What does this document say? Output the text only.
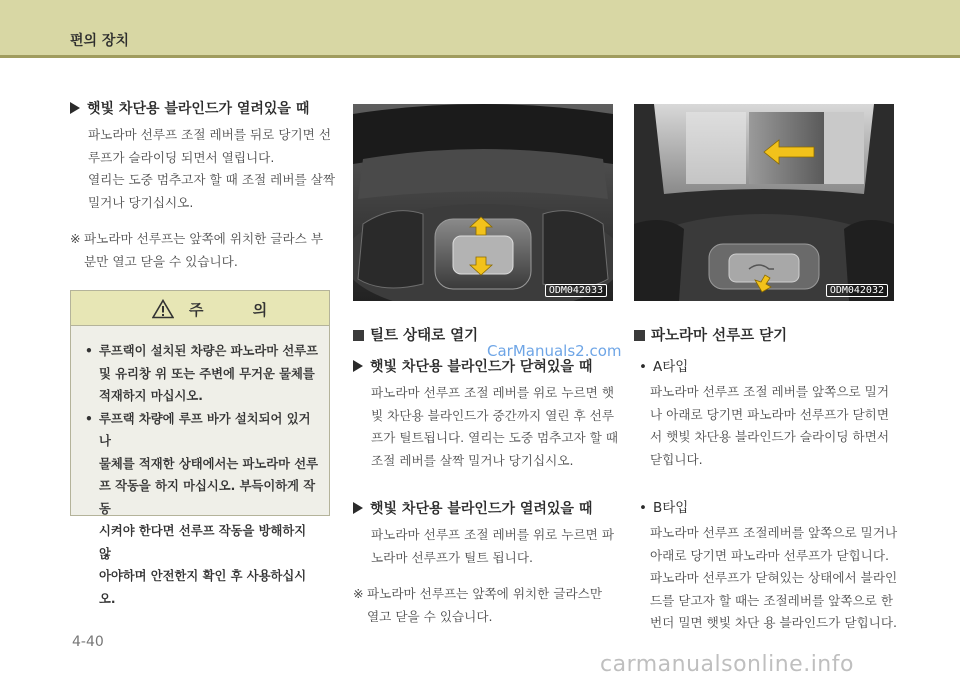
편의 장치
햇빛 차단용 블라인드가 열려있을 때
파노라마 선루프 조절 레버를 뒤로 당기면 선
루프가 슬라이딩 되면서 열립니다.
열리는 도중 멈추고자 할 때 조절 레버를 살짝
밀거나 당기십시오.
※ 파노라마 선루프는 앞쪽에 위치한 글라스 부
분만 열고 닫을 수 있습니다.
주 의
• 루프랙이 설치된 차량은 파노라마 선루프
및 유리창 위 또는 주변에 무거운 물체를
적재하지 마십시오.
• 루프랙 차량에 루프 바가 설치되어 있거나
물체를 적재한 상태에서는 파노라마 선루
프 작동을 하지 마십시오. 부득이하게 작동
시켜야 한다면 선루프 작동을 방해하지 않
아야하며 안전한지 확인 후 사용하십시오.
ODM042033	ODM042032
틸트 상태로 열기
햇빛 차단용 블라인드가 닫혀있을 때
파노라마 선루프 조절 레버를 위로 누르면 햇
빛 차단용 블라인드가 중간까지 열린 후 선루
프가 틸트됩니다. 열리는 도중 멈추고자 할 때
조절 레버를 살짝 밀거나 당기십시오.
햇빛 차단용 블라인드가 열려있을 때
파노라마 선루프 조절 레버를 위로 누르면 파
노라마 선루프가 틸트 됩니다.
※ 파노라마 선루프는 앞쪽에 위치한 글라스만
열고 닫을 수 있습니다.
파노라마 선루프 닫기
• A타입
파노라마 선루프 조절 레버를 앞쪽으로 밀거
나 아래로 당기면 파노라마 선루프가 닫히면
서 햇빛 차단용 블라인드가 슬라이딩 하면서
닫힙니다.
• B타입
파노라마 선루프 조절레버를 앞쪽으로 밀거나
아래로 당기면 파노라마 선루프가 닫힙니다.
파노라마 선루프가 닫혀있는 상태에서 블라인
드를 닫고자 할 때는 조절레버를 앞쪽으로 한
번더 밀면 햇빛 차단 용 블라인드가 닫힙니다.
CarManuals2.com
4-40
carmanualsonline.info
